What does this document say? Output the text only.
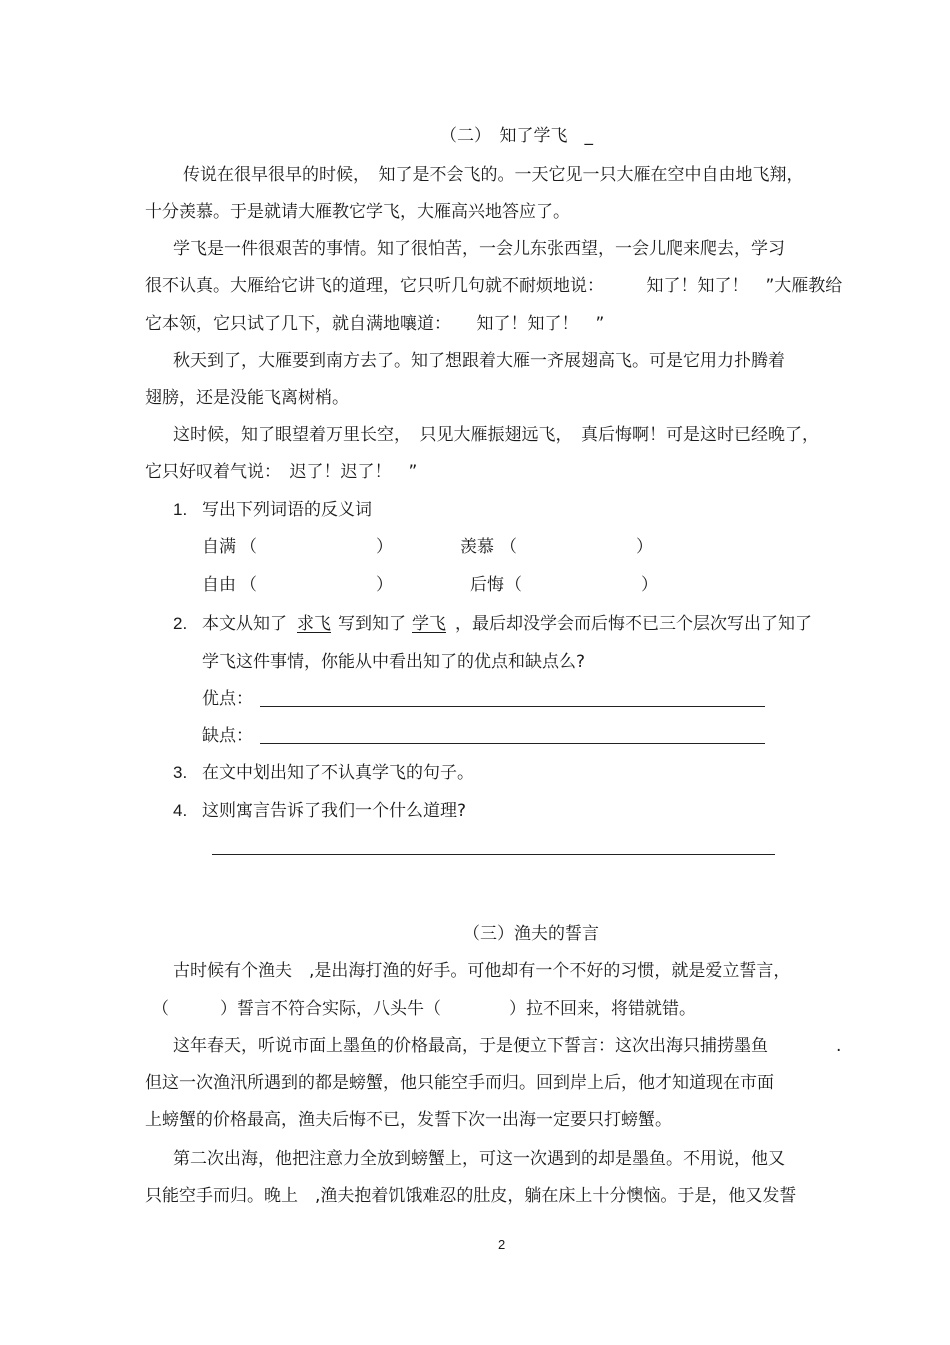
（二）　知了学飞　_
传说在很早很早的时候，　知了是不会飞的。一天它见一只大雁在空中自由地飞翔，
十分羡慕。于是就请大雁教它学飞，大雁高兴地答应了。
学飞是一件很艰苦的事情。知了很怕苦，一会儿东张西望，一会儿爬来爬去，学习
很不认真。大雁给它讲飞的道理，它只听几句就不耐烦地说：　　　知了！知了！　”大雁教给
它本领，它只试了几下，就自满地嚷道：　　知了！知了！　”
秋天到了，大雁要到南方去了。知了想跟着大雁一齐展翅高飞。可是它用力扑腾着
翅膀，还是没能飞离树梢。
这时候，知了眼望着万里长空，　只见大雁振翅远飞，　真后悔啊！可是这时已经晚了，
它只好叹着气说：　迟了！迟了！　”
1. 写出下列词语的反义词
自满 （　　　　　　　）	羡慕 （　　　　　　　）
自由 （　　　　　　　）	后悔 （　　　　　　　）
2. 本文从知了 求飞 写到知了 学飞 ，最后却没学会而后悔不已三个层次写出了知了
学飞这件事情，你能从中看出知了的优点和缺点么?
优点：
缺点：
3. 在文中划出知了不认真学飞的句子。
4. 这则寓言告诉了我们一个什么道理?
（三）渔夫的誓言
古时候有个渔夫　,是出海打渔的好手。可他却有一个不好的习惯，就是爱立誓言，
（　　　）誓言不符合实际，八头牛（　　　　）拉不回来，将错就错。
这年春天，听说市面上墨鱼的价格最高，于是便立下誓言：这次出海只捕捞墨鱼　　　　.
但这一次渔汛所遇到的都是螃蟹，他只能空手而归。回到岸上后，他才知道现在市面
上螃蟹的价格最高，渔夫后悔不已，发誓下次一出海一定要只打螃蟹。
第二次出海，他把注意力全放到螃蟹上，可这一次遇到的却是墨鱼。不用说，他又
只能空手而归。晚上　,渔夫抱着饥饿难忍的肚皮，躺在床上十分懊恼。于是，他又发誓
2
